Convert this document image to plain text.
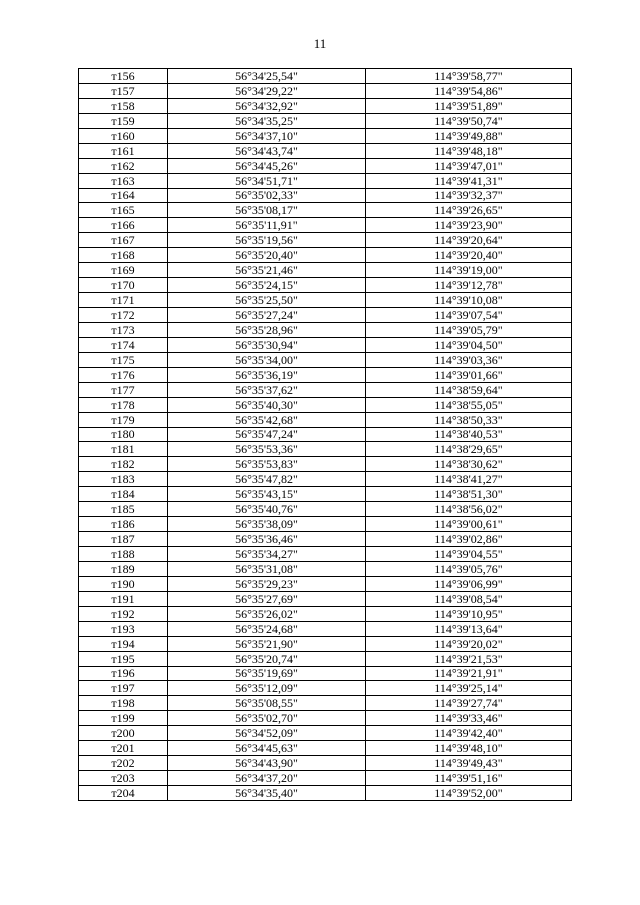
11
т156	56°34'25,54"	114°39'58,77"
т157	56°34'29,22"	114°39'54,86"
т158	56°34'32,92"	114°39'51,89"
т159	56°34'35,25"	114°39'50,74"
т160	56°34'37,10"	114°39'49,88"
т161	56°34'43,74"	114°39'48,18"
т162	56°34'45,26"	114°39'47,01"
т163	56°34'51,71"	114°39'41,31"
т164	56°35'02,33"	114°39'32,37"
т165	56°35'08,17"	114°39'26,65"
т166	56°35'11,91"	114°39'23,90"
т167	56°35'19,56"	114°39'20,64"
т168	56°35'20,40"	114°39'20,40"
т169	56°35'21,46"	114°39'19,00"
т170	56°35'24,15"	114°39'12,78"
т171	56°35'25,50"	114°39'10,08"
т172	56°35'27,24"	114°39'07,54"
т173	56°35'28,96"	114°39'05,79"
т174	56°35'30,94"	114°39'04,50"
т175	56°35'34,00"	114°39'03,36"
т176	56°35'36,19"	114°39'01,66"
т177	56°35'37,62"	114°38'59,64"
т178	56°35'40,30"	114°38'55,05"
т179	56°35'42,68"	114°38'50,33"
т180	56°35'47,24"	114°38'40,53"
т181	56°35'53,36"	114°38'29,65"
т182	56°35'53,83"	114°38'30,62"
т183	56°35'47,82"	114°38'41,27"
т184	56°35'43,15"	114°38'51,30"
т185	56°35'40,76"	114°38'56,02"
т186	56°35'38,09"	114°39'00,61"
т187	56°35'36,46"	114°39'02,86"
т188	56°35'34,27"	114°39'04,55"
т189	56°35'31,08"	114°39'05,76"
т190	56°35'29,23"	114°39'06,99"
т191	56°35'27,69"	114°39'08,54"
т192	56°35'26,02"	114°39'10,95"
т193	56°35'24,68"	114°39'13,64"
т194	56°35'21,90"	114°39'20,02"
т195	56°35'20,74"	114°39'21,53"
т196	56°35'19,69"	114°39'21,91"
т197	56°35'12,09"	114°39'25,14"
т198	56°35'08,55"	114°39'27,74"
т199	56°35'02,70"	114°39'33,46"
т200	56°34'52,09"	114°39'42,40"
т201	56°34'45,63"	114°39'48,10"
т202	56°34'43,90"	114°39'49,43"
т203	56°34'37,20"	114°39'51,16"
т204	56°34'35,40"	114°39'52,00"
